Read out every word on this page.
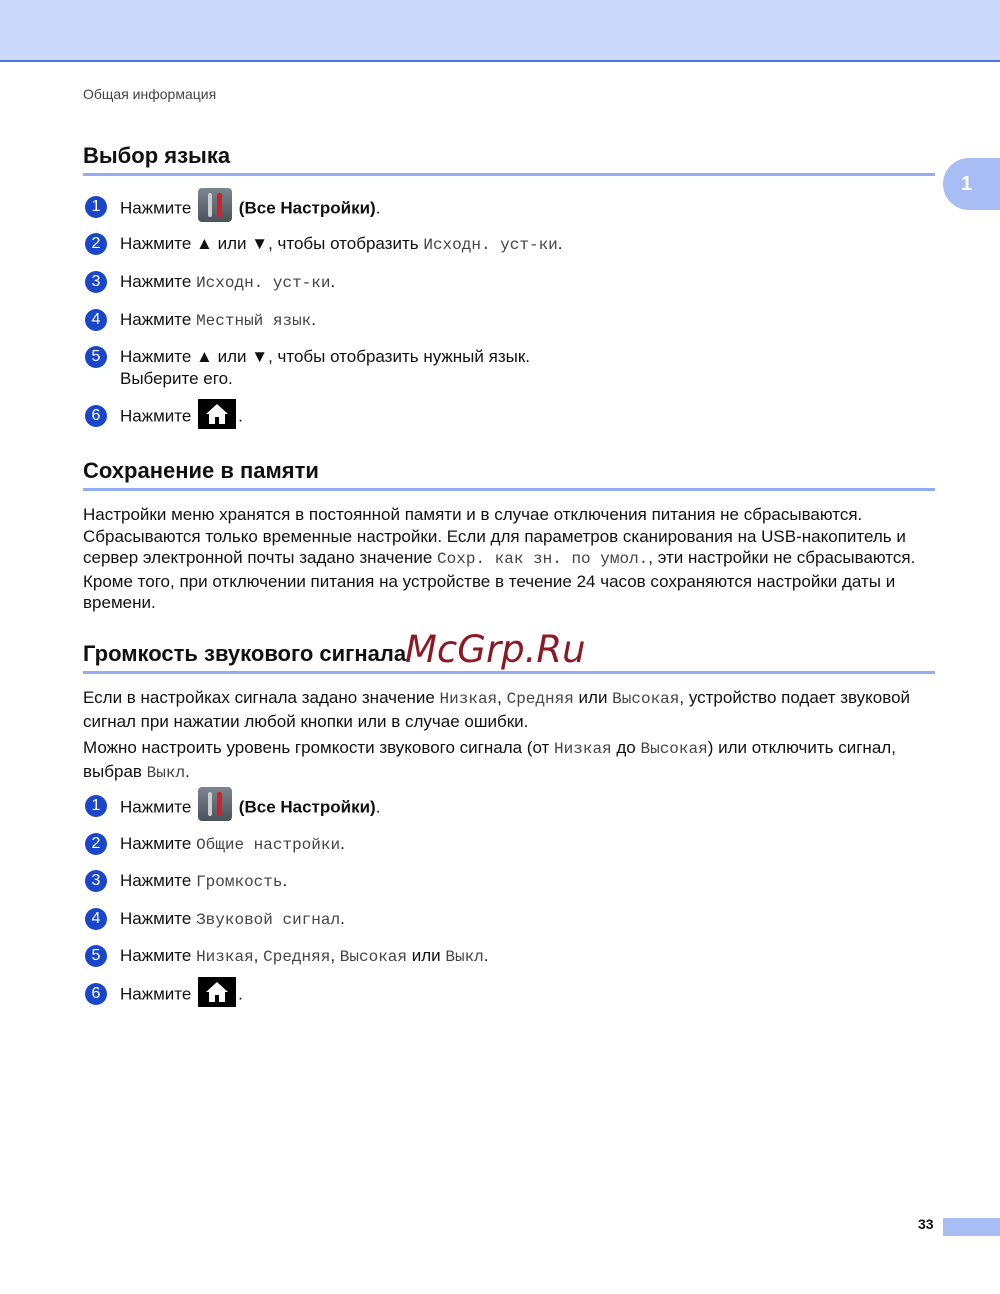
Общая информация
1
Выбор языка
1	Нажмите	(Все Настройки).
2	Нажмите ▲ или ▼, чтобы отобразить Исходн. уст-ки.
3	Нажмите Исходн. уст-ки.
4	Нажмите Местный язык.
5	Нажмите ▲ или ▼, чтобы отобразить нужный язык.
Выберите его.
6	Нажмите
.
Сохранение в памяти

Настройки меню хранятся в постоянной памяти и в случае отключения питания не сбрасываются. Сбрасываются только временные настройки. Если для параметров сканирования на USB-накопитель и сервер электронной почты задано значение Сохр. как зн. по умол., эти настройки не сбрасываются. Кроме того, при отключении питания на устройстве в течение 24 часов сохраняются настройки даты и времени.

McGrp.Ru
Громкость звукового сигнала

Если в настройках сигнала задано значение Низкая, Средняя или Высокая, устройство подает звуковой сигнал при нажатии любой кнопки или в случае ошибки.

Можно настроить уровень громкости звукового сигнала (от Низкая до Высокая) или отключить сигнал, выбрав Выкл.

1	Нажмите	(Все Настройки).
2	Нажмите Общие настройки.
3	Нажмите Громкость.
4	Нажмите Звуковой сигнал.
5	Нажмите Низкая, Средняя, Высокая или Выкл.
6	Нажмите
.
33
